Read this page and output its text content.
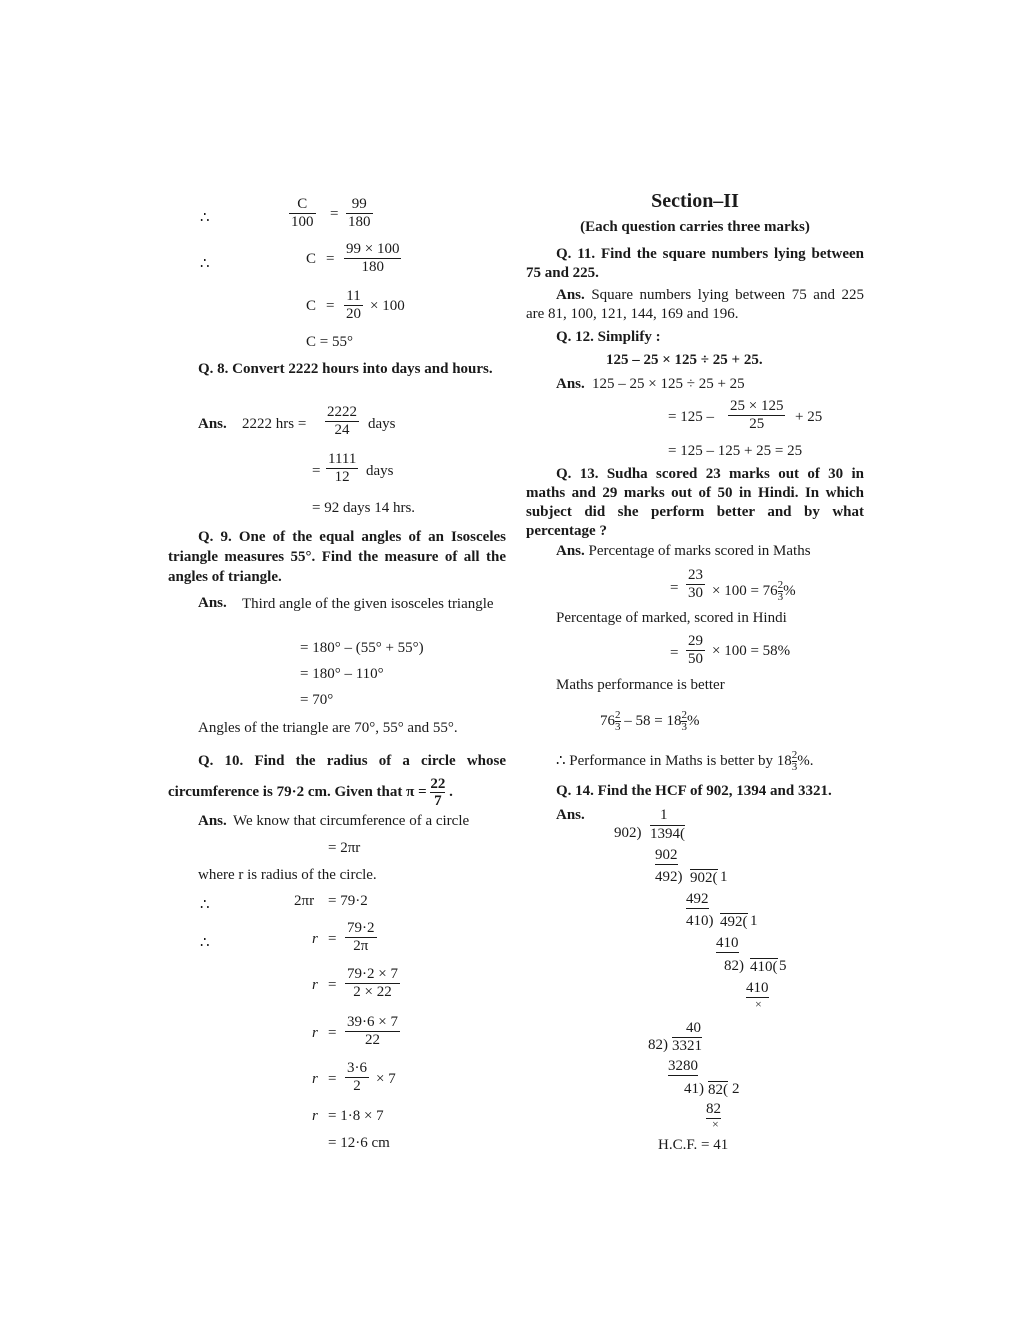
∴	$\frac{C}{100} = \frac{99}{180}$
∴	$C = \frac{99 \times 100}{180}$
$C = \frac{11}{20} \times 100$
C = 55°
Q. 8. Convert 2222 hours into days and hours.
Ans. 2222 hrs = $\frac{2222}{24}$ days
= $\frac{1111}{12}$ days
= 92 days 14 hrs.
Q. 9. One of the equal angles of an Isosceles triangle measures 55°. Find the measure of all the angles of triangle.
Ans.	Third angle of the given isosceles triangle
= 180° – (55° + 55°)
= 180° – 110°
= 70°
Angles of the triangle are 70°, 55° and 55°.
Q. 10. Find the radius of a circle whose circumference is 79·2 cm. Given that $\pi = \frac{22}{7}$ .
Ans. We know that circumference of a circle
= 2πr
where r is radius of the circle.
∴	2πr = 79·2
∴	$r = \frac{79\cdot 2}{2\pi}$
$r = \frac{79\cdot 2 \times 7}{2 \times 22}$
$r = \frac{39\cdot 6 \times 7}{22}$
$r = \frac{3\cdot 6}{2} \times 7$
r = 1·8 × 7
= 12·6 cm
Section–II
(Each question carries three marks)
Q. 11. Find the square numbers lying between 75 and 225.
Ans. Square numbers lying between 75 and 225 are 81, 100, 121, 144, 169 and 196.
Q. 12. Simplify :
125 – 25 × 125 ÷ 25 + 25.
Ans. 125 – 25 × 125 ÷ 25 + 25
= $125 - \frac{25 \times 125}{25} + 25$
= 125 – 125 + 25 = 25
Q. 13. Sudha scored 23 marks out of 30 in maths and 29 marks out of 50 in Hindi. In which subject did she perform better and by what percentage ?
Ans. Percentage of marks scored in Maths
= $\frac{23}{30} \times 100 = 76 \frac{2}{3}$ %
Percentage of marked, scored in Hindi
= $\frac{29}{50} \times 100 = 58\%$
Maths performance is better
$76 \frac{2}{3} - 58 = 18 \frac{2}{3}$ %
∴ Performance in Maths is better by $18 \frac{2}{3}$ %.
Q. 14. Find the HCF of 902, 1394 and 3321.
Ans.	1
902) 1394(
902
492) 902( 1
492
410) 492( 1
410
82) 410( 5
410
×
40
82) 3321
3280
41) 82( 2
82
×
H.C.F. = 41
